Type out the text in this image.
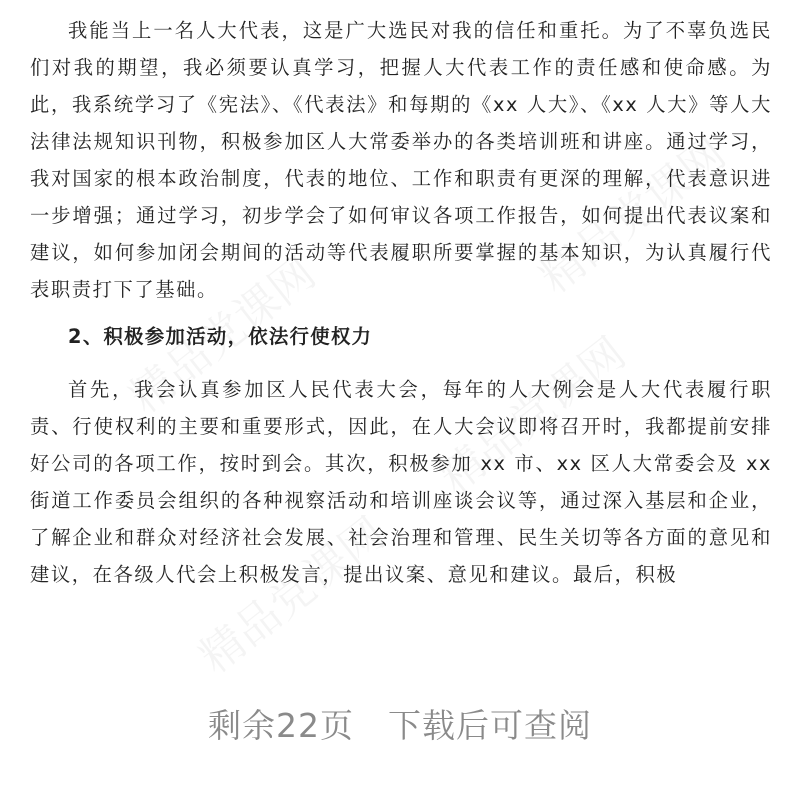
我能当上一名人大代表，这是广大选民对我的信任和重托。为了不辜负选民们对我的期望，我必须要认真学习，把握人大代表工作的责任感和使命感。为此，我系统学习了《宪法》、《代表法》和每期的《xx 人大》、《xx 人大》等人大法律法规知识刊物，积极参加区人大常委举办的各类培训班和讲座。通过学习，我对国家的根本政治制度，代表的地位、工作和职责有更深的理解，代表意识进一步增强；通过学习，初步学会了如何审议各项工作报告，如何提出代表议案和建议，如何参加闭会期间的活动等代表履职所要掌握的基本知识，为认真履行代表职责打下了基础。

2、积极参加活动，依法行使权力

首先，我会认真参加区人民代表大会，每年的人大例会是人大代表履行职责、行使权利的主要和重要形式，因此，在人大会议即将召开时，我都提前安排好公司的各项工作，按时到会。其次，积极参加 xx 市、xx 区人大常委会及 xx 街道工作委员会组织的各种视察活动和培训座谈会议等，通过深入基层和企业，了解企业和群众对经济社会发展、社会治理和管理、民生关切等各方面的意见和建议，在各级人代会上积极发言，提出议案、意见和建议。最后，积极

剩余22页　下载后可查阅
